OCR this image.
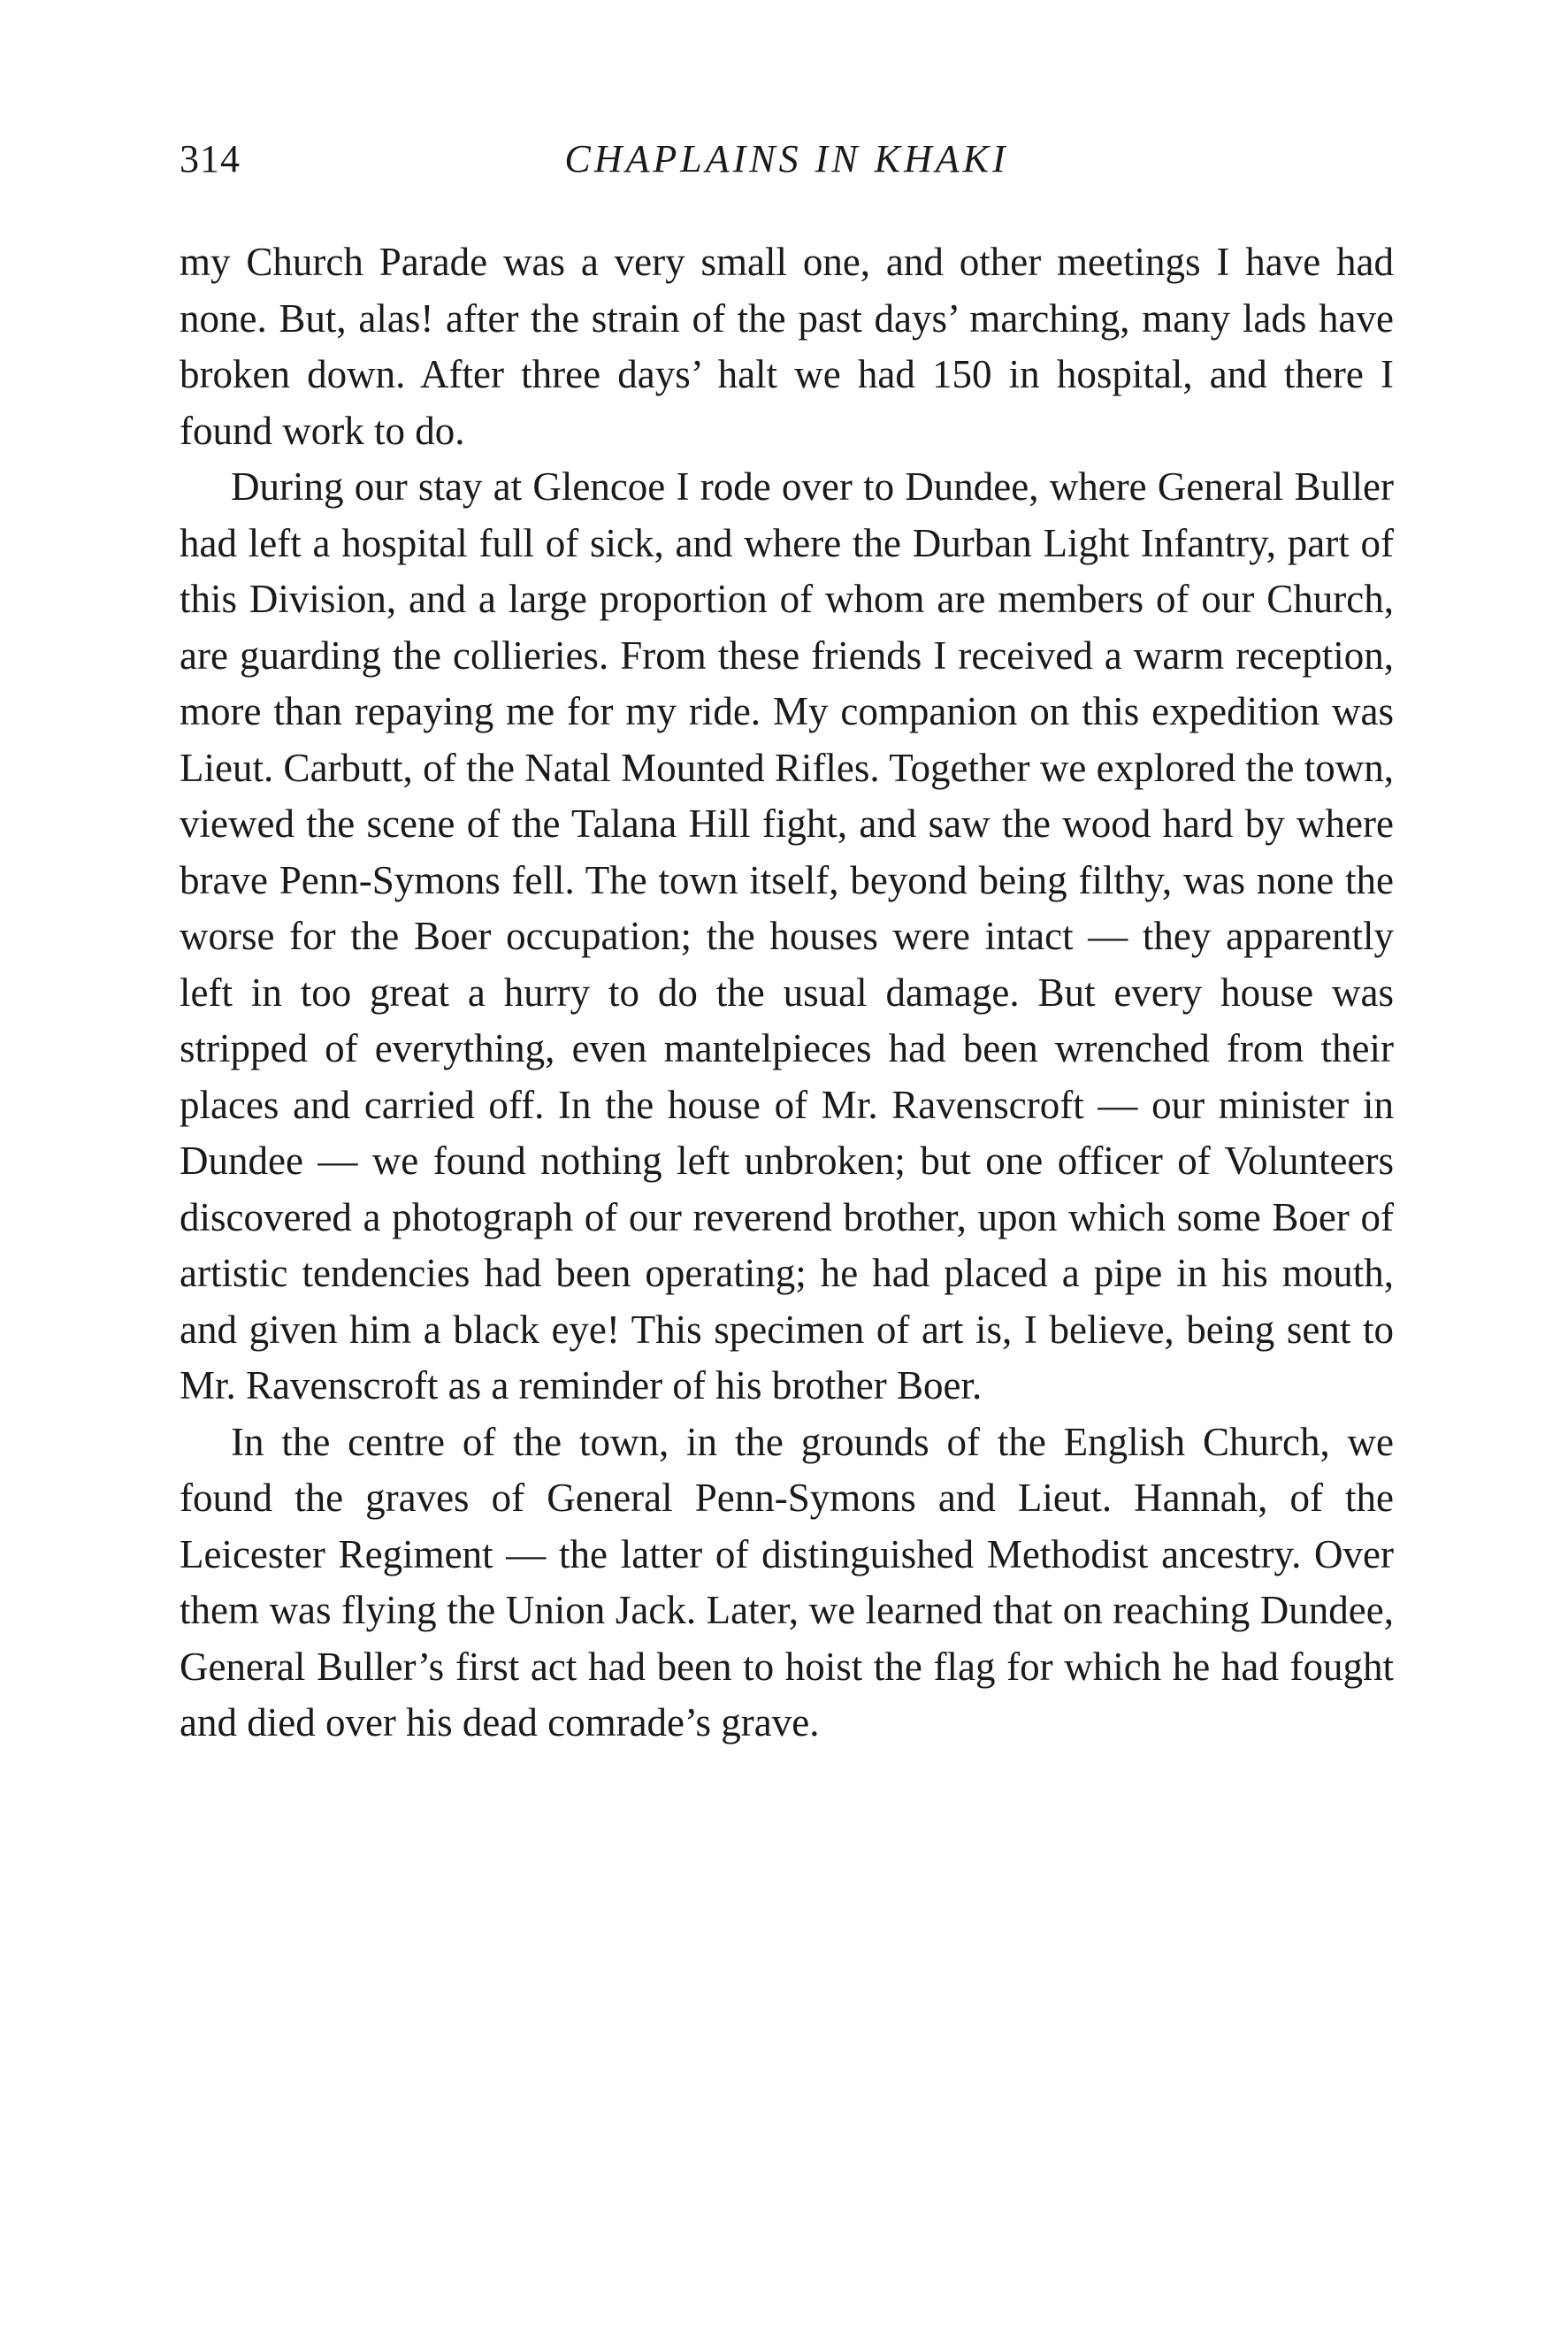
314	CHAPLAINS IN KHAKI

my Church Parade was a very small one, and other meetings I have had none. But, alas! after the strain of the past days’ marching, many lads have broken down. After three days’ halt we had 150 in hospital, and there I found work to do.

During our stay at Glencoe I rode over to Dundee, where General Buller had left a hospital full of sick, and where the Durban Light Infantry, part of this Division, and a large proportion of whom are members of our Church, are guarding the collieries. From these friends I received a warm reception, more than repaying me for my ride. My companion on this expedition was Lieut. Carbutt, of the Natal Mounted Rifles. Together we explored the town, viewed the scene of the Talana Hill fight, and saw the wood hard by where brave Penn-Symons fell. The town itself, beyond being filthy, was none the worse for the Boer occupation; the houses were intact — they apparently left in too great a hurry to do the usual damage. But every house was stripped of everything, even mantelpieces had been wrenched from their places and carried off. In the house of Mr. Ravenscroft — our minister in Dundee — we found nothing left unbroken; but one officer of Volunteers discovered a photograph of our reverend brother, upon which some Boer of artistic tendencies had been operating; he had placed a pipe in his mouth, and given him a black eye! This specimen of art is, I believe, being sent to Mr. Ravenscroft as a reminder of his brother Boer.

In the centre of the town, in the grounds of the English Church, we found the graves of General Penn-Symons and Lieut. Hannah, of the Leicester Regiment — the latter of distinguished Methodist ancestry. Over them was flying the Union Jack. Later, we learned that on reaching Dundee, General Buller’s first act had been to hoist the flag for which he had fought and died over his dead comrade’s grave.
